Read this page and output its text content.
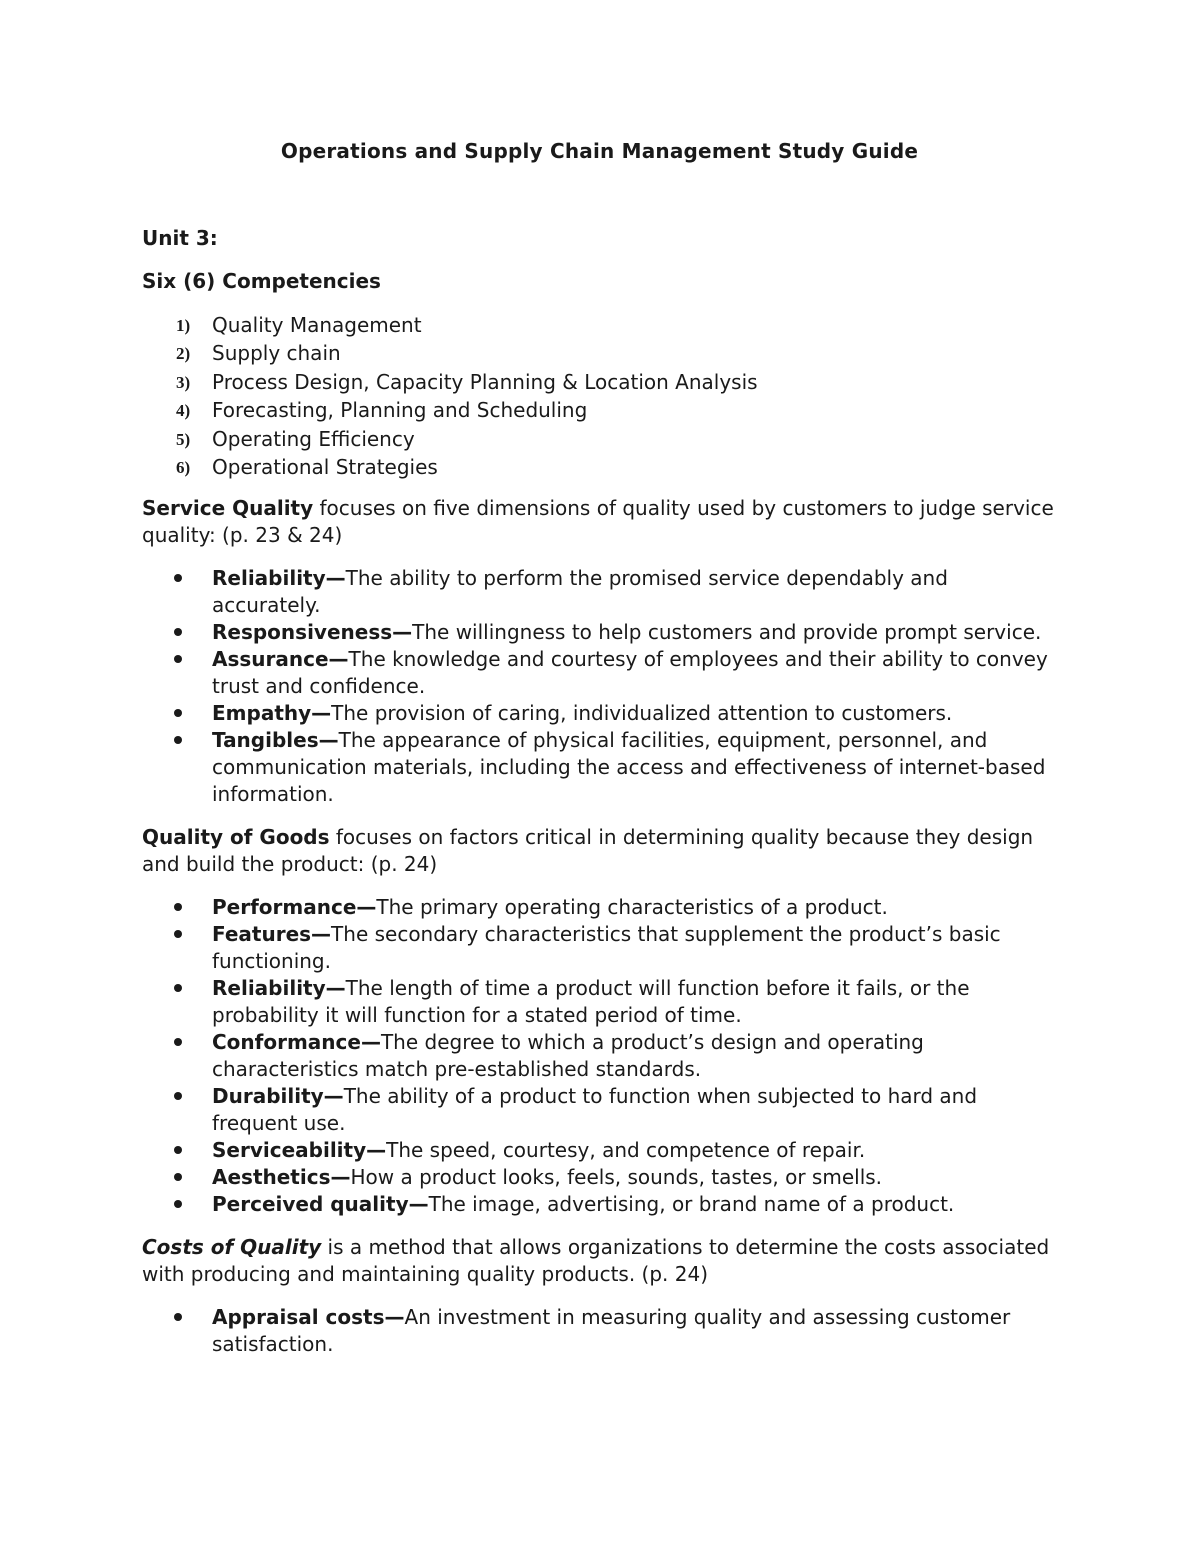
Operations and Supply Chain Management Study Guide
Unit 3:
Six (6) Competencies
1) Quality Management
2) Supply chain
3) Process Design, Capacity Planning & Location Analysis
4) Forecasting, Planning and Scheduling
5) Operating Efficiency
6) Operational Strategies

Service Quality focuses on five dimensions of quality used by customers to judge service quality: (p. 23 & 24)

Reliability—The ability to perform the promised service dependably and accurately.
Responsiveness—The willingness to help customers and provide prompt service.
Assurance—The knowledge and courtesy of employees and their ability to convey trust and confidence.
Empathy—The provision of caring, individualized attention to customers.
Tangibles—The appearance of physical facilities, equipment, personnel, and communication materials, including the access and effectiveness of internet-based information.

Quality of Goods focuses on factors critical in determining quality because they design and build the product: (p. 24)

Performance—The primary operating characteristics of a product.
Features—The secondary characteristics that supplement the product’s basic functioning.
Reliability—The length of time a product will function before it fails, or the probability it will function for a stated period of time.
Conformance—The degree to which a product’s design and operating characteristics match pre-established standards.
Durability—The ability of a product to function when subjected to hard and frequent use.
Serviceability—The speed, courtesy, and competence of repair.
Aesthetics—How a product looks, feels, sounds, tastes, or smells.
Perceived quality—The image, advertising, or brand name of a product.

Costs of Quality is a method that allows organizations to determine the costs associated with producing and maintaining quality products. (p. 24)

Appraisal costs—An investment in measuring quality and assessing customer satisfaction.
